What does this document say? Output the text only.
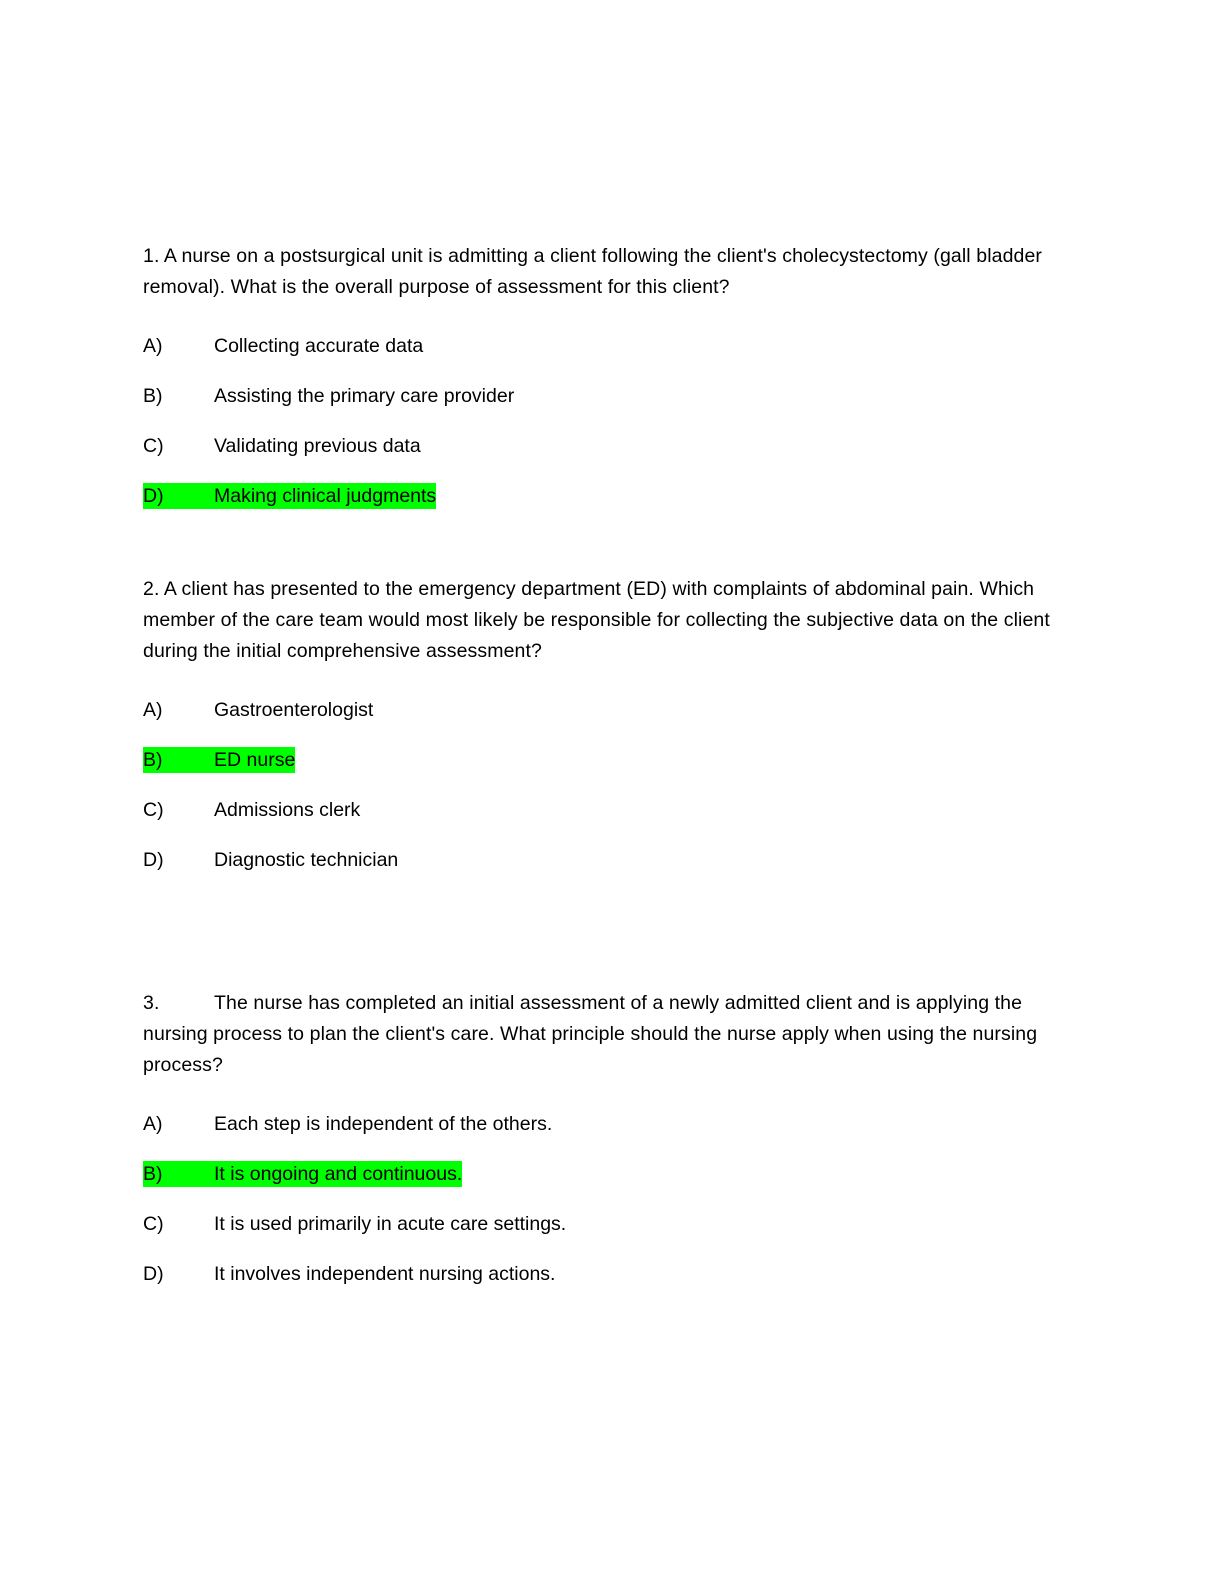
1. A nurse on a postsurgical unit is admitting a client following the client's cholecystectomy (gall bladder removal). What is the overall purpose of assessment for this client?

A)	Collecting accurate data
B)	Assisting the primary care provider
C)	Validating previous data
D)	Making clinical judgments

2. A client has presented to the emergency department (ED) with complaints of abdominal pain. Which member of the care team would most likely be responsible for collecting the subjective data on the client during the initial comprehensive assessment?

A)	Gastroenterologist
B)	ED nurse
C)	Admissions clerk
D)	Diagnostic technician

3.	The nurse has completed an initial assessment of a newly admitted client and is applying the nursing process to plan the client's care. What principle should the nurse apply when using the nursing process?

A)	Each step is independent of the others.
B)	It is ongoing and continuous.
C)	It is used primarily in acute care settings.
D)	It involves independent nursing actions.
